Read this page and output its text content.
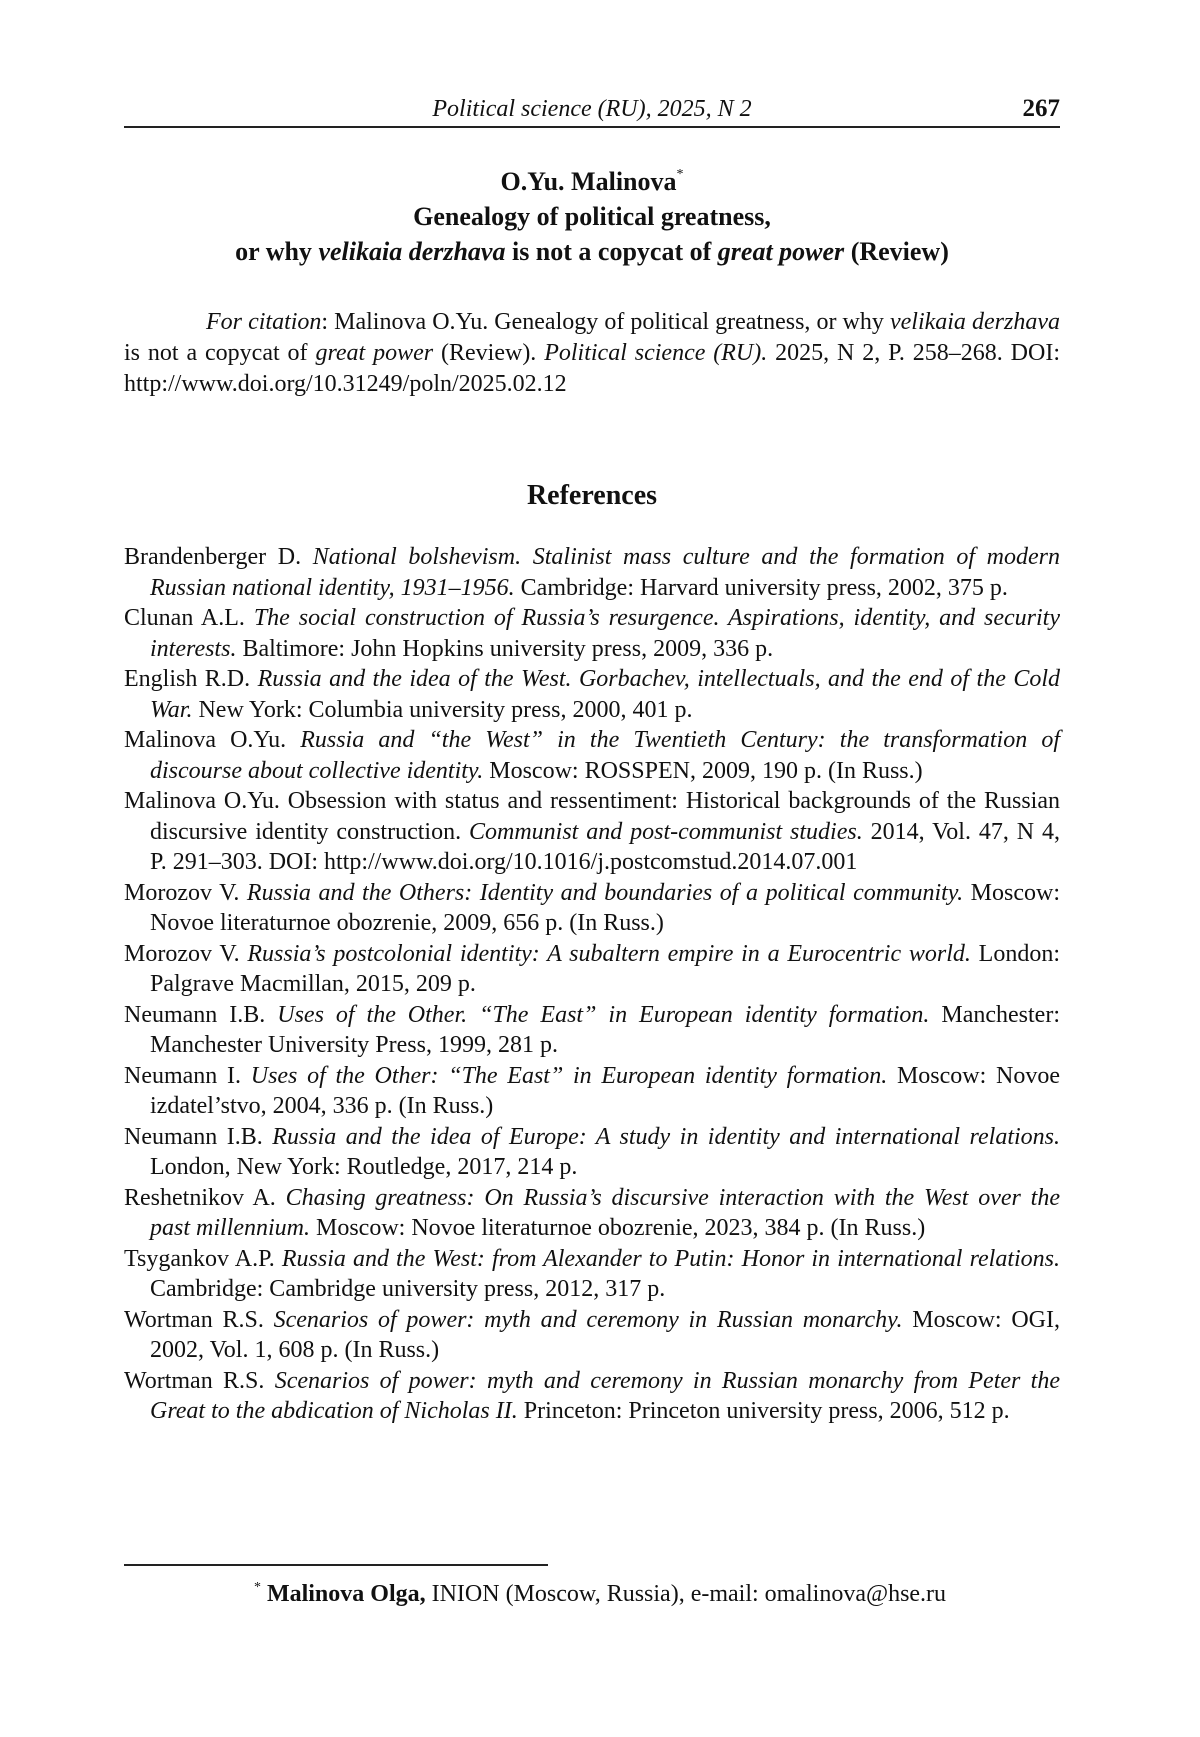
Political science (RU), 2025, N 2	267
O.Yu. Malinova*
Genealogy of political greatness,
or why velikaia derzhava is not a copycat of great power (Review)

For citation: Malinova O.Yu. Genealogy of political greatness, or why velikaia derzhava is not a copycat of great power (Review). Political science (RU). 2025, N 2, P. 258–268. DOI: http://www.doi.org/10.31249/poln/2025.02.12

References
Brandenberger D. National bolshevism. Stalinist mass culture and the formation of modern Russian national identity, 1931–1956. Cambridge: Harvard university press, 2002, 375 p.
Clunan A.L. The social construction of Russia’s resurgence. Aspirations, identity, and security interests. Baltimore: John Hopkins university press, 2009, 336 p.
English R.D. Russia and the idea of the West. Gorbachev, intellectuals, and the end of the Cold War. New York: Columbia university press, 2000, 401 p.
Malinova O.Yu. Russia and “the West” in the Twentieth Century: the transformation of discourse about collective identity. Moscow: ROSSPEN, 2009, 190 p. (In Russ.)
Malinova O.Yu. Obsession with status and ressentiment: Historical backgrounds of the Russian discursive identity construction. Communist and post-communist studies. 2014, Vol. 47, N 4, P. 291–303. DOI: http://www.doi.org/10.1016/j.postcomstud.2014.07.001
Morozov V. Russia and the Others: Identity and boundaries of a political community. Moscow: Novoe literaturnoe obozrenie, 2009, 656 p. (In Russ.)
Morozov V. Russia’s postcolonial identity: A subaltern empire in a Eurocentric world. London: Palgrave Macmillan, 2015, 209 p.
Neumann I.B. Uses of the Other. “The East” in European identity formation. Manchester: Manchester University Press, 1999, 281 p.
Neumann I. Uses of the Other: “The East” in European identity formation. Moscow: Novoe izdatel’stvo, 2004, 336 p. (In Russ.)
Neumann I.B. Russia and the idea of Europe: A study in identity and international relations. London, New York: Routledge, 2017, 214 p.
Reshetnikov A. Chasing greatness: On Russia’s discursive interaction with the West over the past millennium. Moscow: Novoe literaturnoe obozrenie, 2023, 384 p. (In Russ.)
Tsygankov A.P. Russia and the West: from Alexander to Putin: Honor in international relations. Cambridge: Cambridge university press, 2012, 317 p.
Wortman R.S. Scenarios of power: myth and ceremony in Russian monarchy. Moscow: OGI, 2002, Vol. 1, 608 p. (In Russ.)
Wortman R.S. Scenarios of power: myth and ceremony in Russian monarchy from Peter the Great to the abdication of Nicholas II. Princeton: Princeton university press, 2006, 512 p.
* Malinova Olga, INION (Moscow, Russia), e-mail: omalinova@hse.ru
